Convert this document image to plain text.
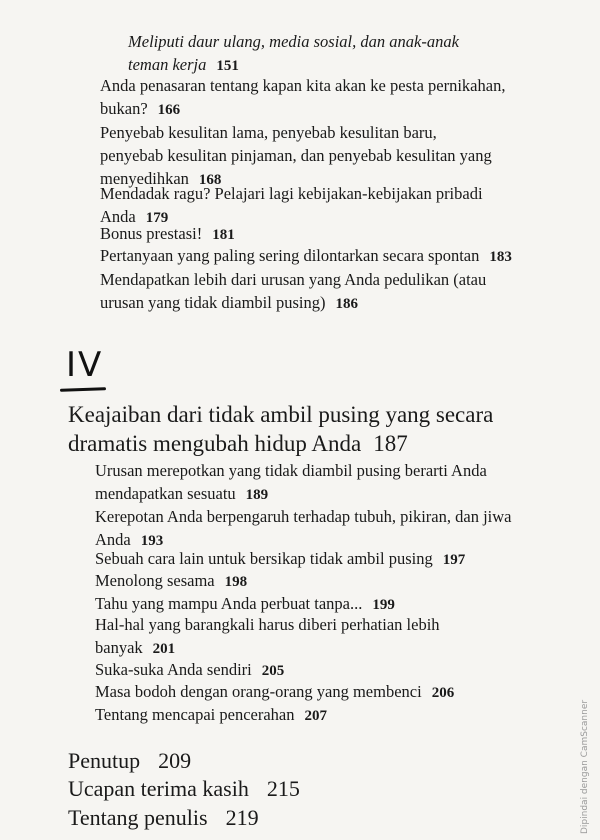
Meliputi daur ulang, media sosial, dan anak-anak
teman kerja 151
Anda penasaran tentang kapan kita akan ke pesta pernikahan,
bukan? 166
Penyebab kesulitan lama, penyebab kesulitan baru,
penyebab kesulitan pinjaman, dan penyebab kesulitan yang
menyedihkan 168
Mendadak ragu? Pelajari lagi kebijakan-kebijakan pribadi
Anda 179
Bonus prestasi! 181
Pertanyaan yang paling sering dilontarkan secara spontan 183
Mendapatkan lebih dari urusan yang Anda pedulikan (atau
urusan yang tidak diambil pusing) 186
IV
Keajaiban dari tidak ambil pusing yang secara
dramatis mengubah hidup Anda 187
Urusan merepotkan yang tidak diambil pusing berarti Anda
mendapatkan sesuatu 189
Kerepotan Anda berpengaruh terhadap tubuh, pikiran, dan jiwa
Anda 193
Sebuah cara lain untuk bersikap tidak ambil pusing 197
Menolong sesama 198
Tahu yang mampu Anda perbuat tanpa... 199
Hal-hal yang barangkali harus diberi perhatian lebih
banyak 201
Suka-suka Anda sendiri 205
Masa bodoh dengan orang-orang yang membenci 206
Tentang mencapai pencerahan 207
Penutup 209
Ucapan terima kasih 215
Tentang penulis 219	Dipindai dengan CamScanner
